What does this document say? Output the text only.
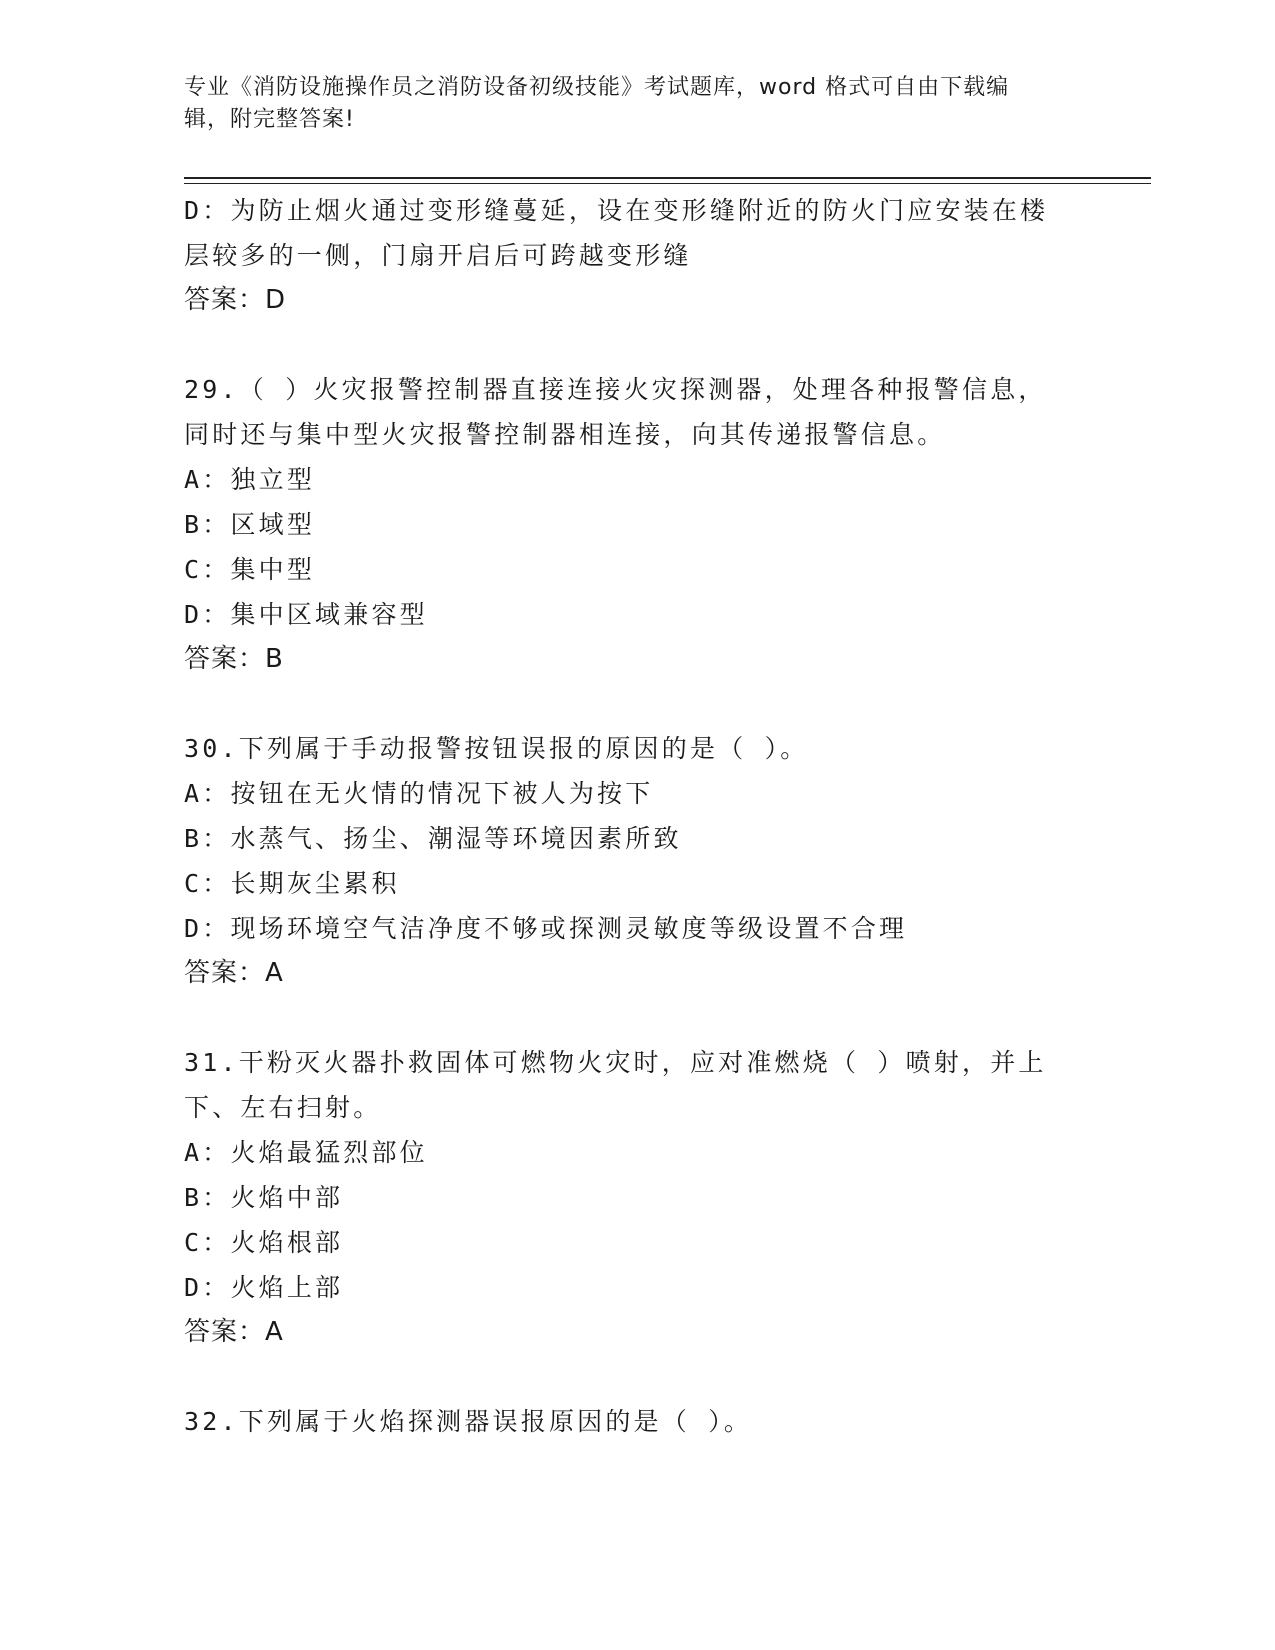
专业《消防设施操作员之消防设备初级技能》考试题库，word 格式可自由下载编
辑，附完整答案!
D：为防止烟火通过变形缝蔓延，设在变形缝附近的防火门应安装在楼
层较多的一侧，门扇开启后可跨越变形缝
答案：D
29.（ ）火灾报警控制器直接连接火灾探测器，处理各种报警信息，
同时还与集中型火灾报警控制器相连接，向其传递报警信息。
A：独立型
B：区域型
C：集中型
D：集中区域兼容型
答案：B
30.下列属于手动报警按钮误报的原因的是（ ）。
A：按钮在无火情的情况下被人为按下
B：水蒸气、扬尘、潮湿等环境因素所致
C：长期灰尘累积
D：现场环境空气洁净度不够或探测灵敏度等级设置不合理
答案：A
31.干粉灭火器扑救固体可燃物火灾时，应对准燃烧（ ）喷射，并上
下、左右扫射。
A：火焰最猛烈部位
B：火焰中部
C：火焰根部
D：火焰上部
答案：A
32.下列属于火焰探测器误报原因的是（ ）。
